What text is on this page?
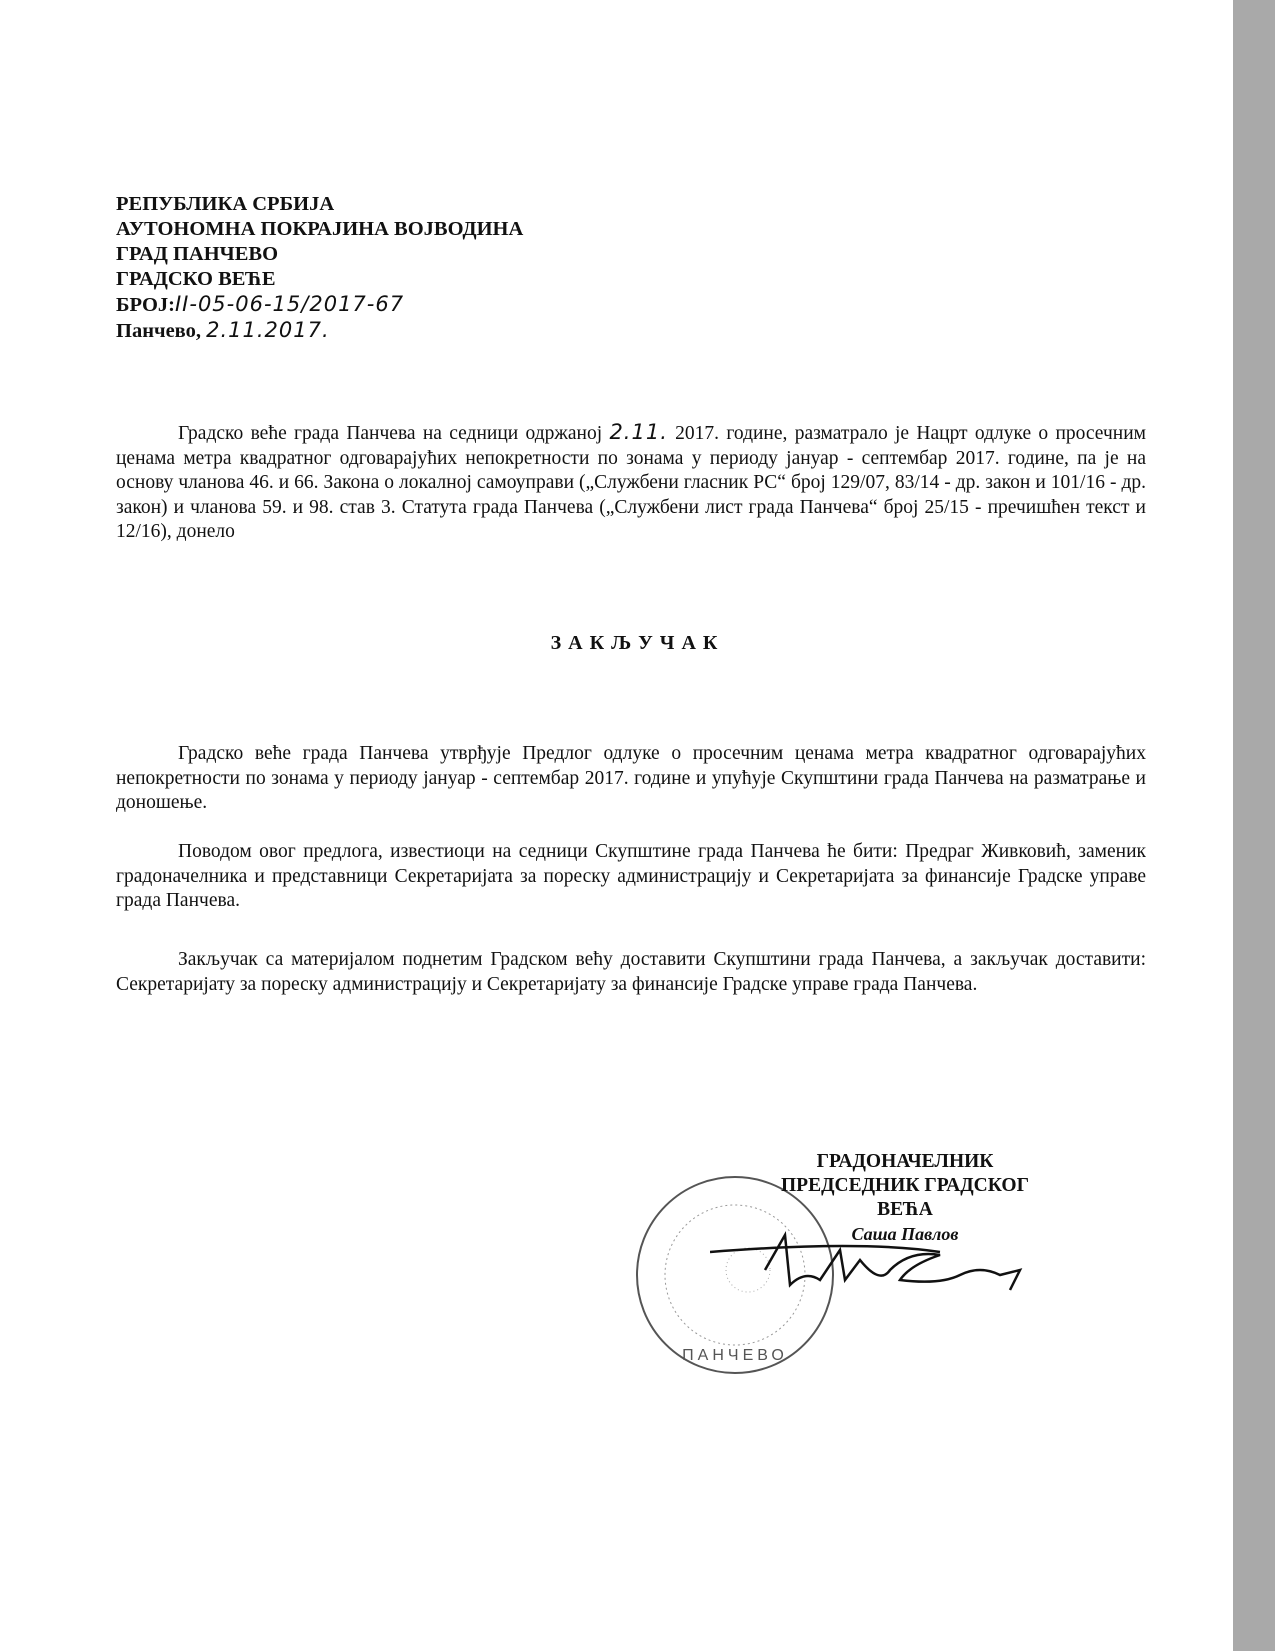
РЕПУБЛИКА СРБИЈА
АУТОНОМНА ПОКРАЈИНА ВОЈВОДИНА
ГРАД ПАНЧЕВО
ГРАДСКО ВЕЋЕ
БРОЈ:II-05-06-15/2017-67
Панчево, 2.11.2017.
Градско веће града Панчева на седници одржаној 2.11. 2017. године, разматрало је Нацрт одлуке о просечним ценама метра квадратног одговарајућих непокретности по зонама у периоду јануар - септембар 2017. године, па је на основу чланова 46. и 66. Закона о локалној самоуправи („Службени гласник РС“ број 129/07, 83/14 - др. закон и 101/16 - др. закон) и чланова 59. и 98. став 3. Статута града Панчева („Службени лист града Панчева“ број 25/15 - пречишћен текст и 12/16), донело
ЗАКЉУЧАК
Градско веће града Панчева утврђује Предлог одлуке о просечним ценама метра квадратног одговарајућих непокретности по зонама у периоду јануар - септембар 2017. године и упућује Скупштини града Панчева на разматрање и доношење.
Поводом овог предлога, известиоци на седници Скупштине града Панчева ће бити: Предраг Живковић, заменик градоначелника и представници Секретаријата за пореску администрацију и Секретаријата за финансије Градске управе града Панчева.
Закључак са материјалом поднетим Градском већу доставити Скупштини града Панчева, а закључак доставити: Секретаријату за пореску администрацију и Секретаријату за финансије Градске управе града Панчева.
ПАНЧЕВО
ГРАДОНАЧЕЛНИК
ПРЕДСЕДНИК ГРАДСКОГ ВЕЋА
Саша Павлов
